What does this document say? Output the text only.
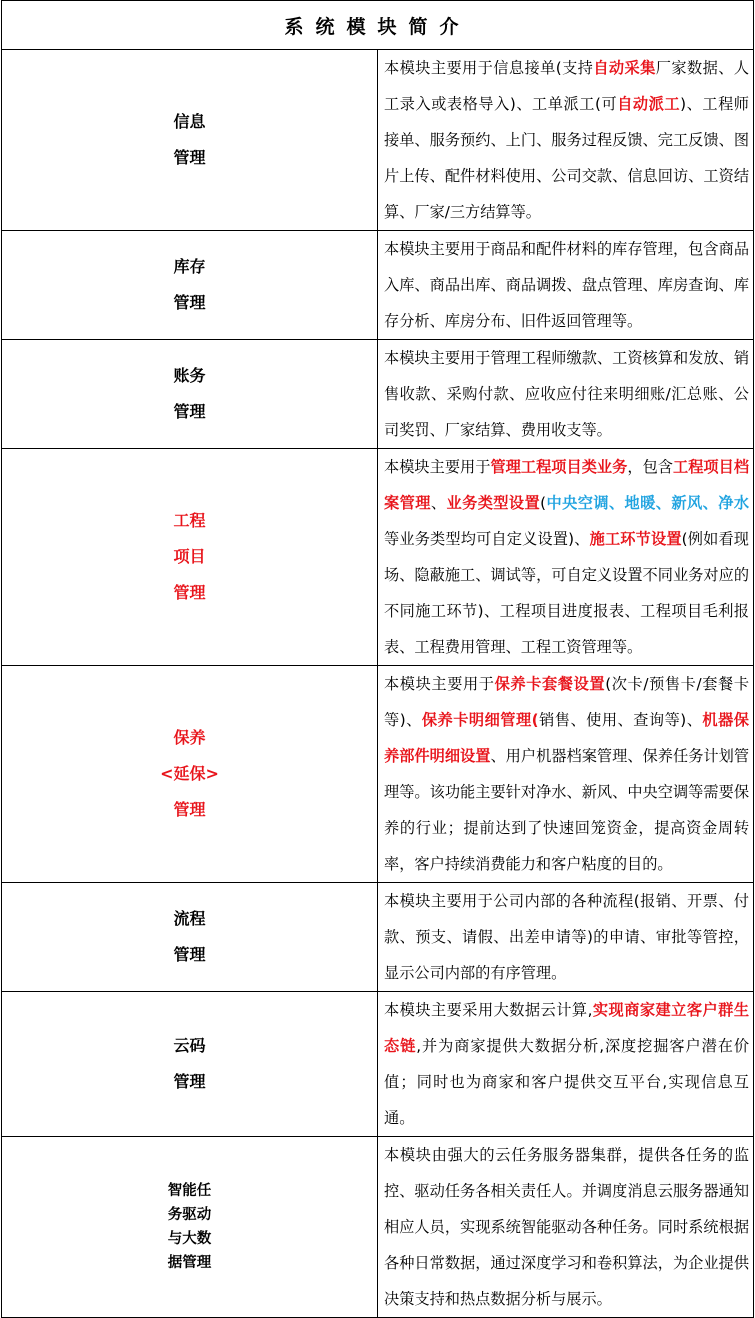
系统模块简介	

信息
管理	本模块主要用于信息接单(支持自动采集厂家数据、人工录入或表格导入)、工单派工(可自动派工)、工程师接单、服务预约、上门、服务过程反馈、完工反馈、图片上传、配件材料使用、公司交款、信息回访、工资结算、厂家/三方结算等。

库存
管理	本模块主要用于商品和配件材料的库存管理，包含商品入库、商品出库、商品调拨、盘点管理、库房查询、库存分析、库房分布、旧件返回管理等。

账务
管理	本模块主要用于管理工程师缴款、工资核算和发放、销售收款、采购付款、应收应付往来明细账/汇总账、公司奖罚、厂家结算、费用收支等。

工程
项目
管理	本模块主要用于管理工程项目类业务，包含工程项目档案管理、业务类型设置(中央空调、地暖、新风、净水等业务类型均可自定义设置)、施工环节设置(例如看现场、隐蔽施工、调试等，可自定义设置不同业务对应的不同施工环节)、工程项目进度报表、工程项目毛利报表、工程费用管理、工程工资管理等。

保养
<延保>
管理	本模块主要用于保养卡套餐设置(次卡/预售卡/套餐卡等)、保养卡明细管理(销售、使用、查询等)、机器保养部件明细设置、用户机器档案管理、保养任务计划管理等。该功能主要针对净水、新风、中央空调等需要保养的行业；提前达到了快速回笼资金，提高资金周转率，客户持续消费能力和客户粘度的目的。

流程
管理	本模块主要用于公司内部的各种流程(报销、开票、付款、预支、请假、出差申请等)的申请、审批等管控，显示公司内部的有序管理。

云码
管理	本模块主要采用大数据云计算,实现商家建立客户群生态链,并为商家提供大数据分析,深度挖掘客户潜在价值；同时也为商家和客户提供交互平台,实现信息互通。

智能任
务驱动
与大数
据管理	本模块由强大的云任务服务器集群，提供各任务的监控、驱动任务各相关责任人。并调度消息云服务器通知相应人员，实现系统智能驱动各种任务。同时系统根据各种日常数据，通过深度学习和卷积算法，为企业提供决策支持和热点数据分析与展示。
